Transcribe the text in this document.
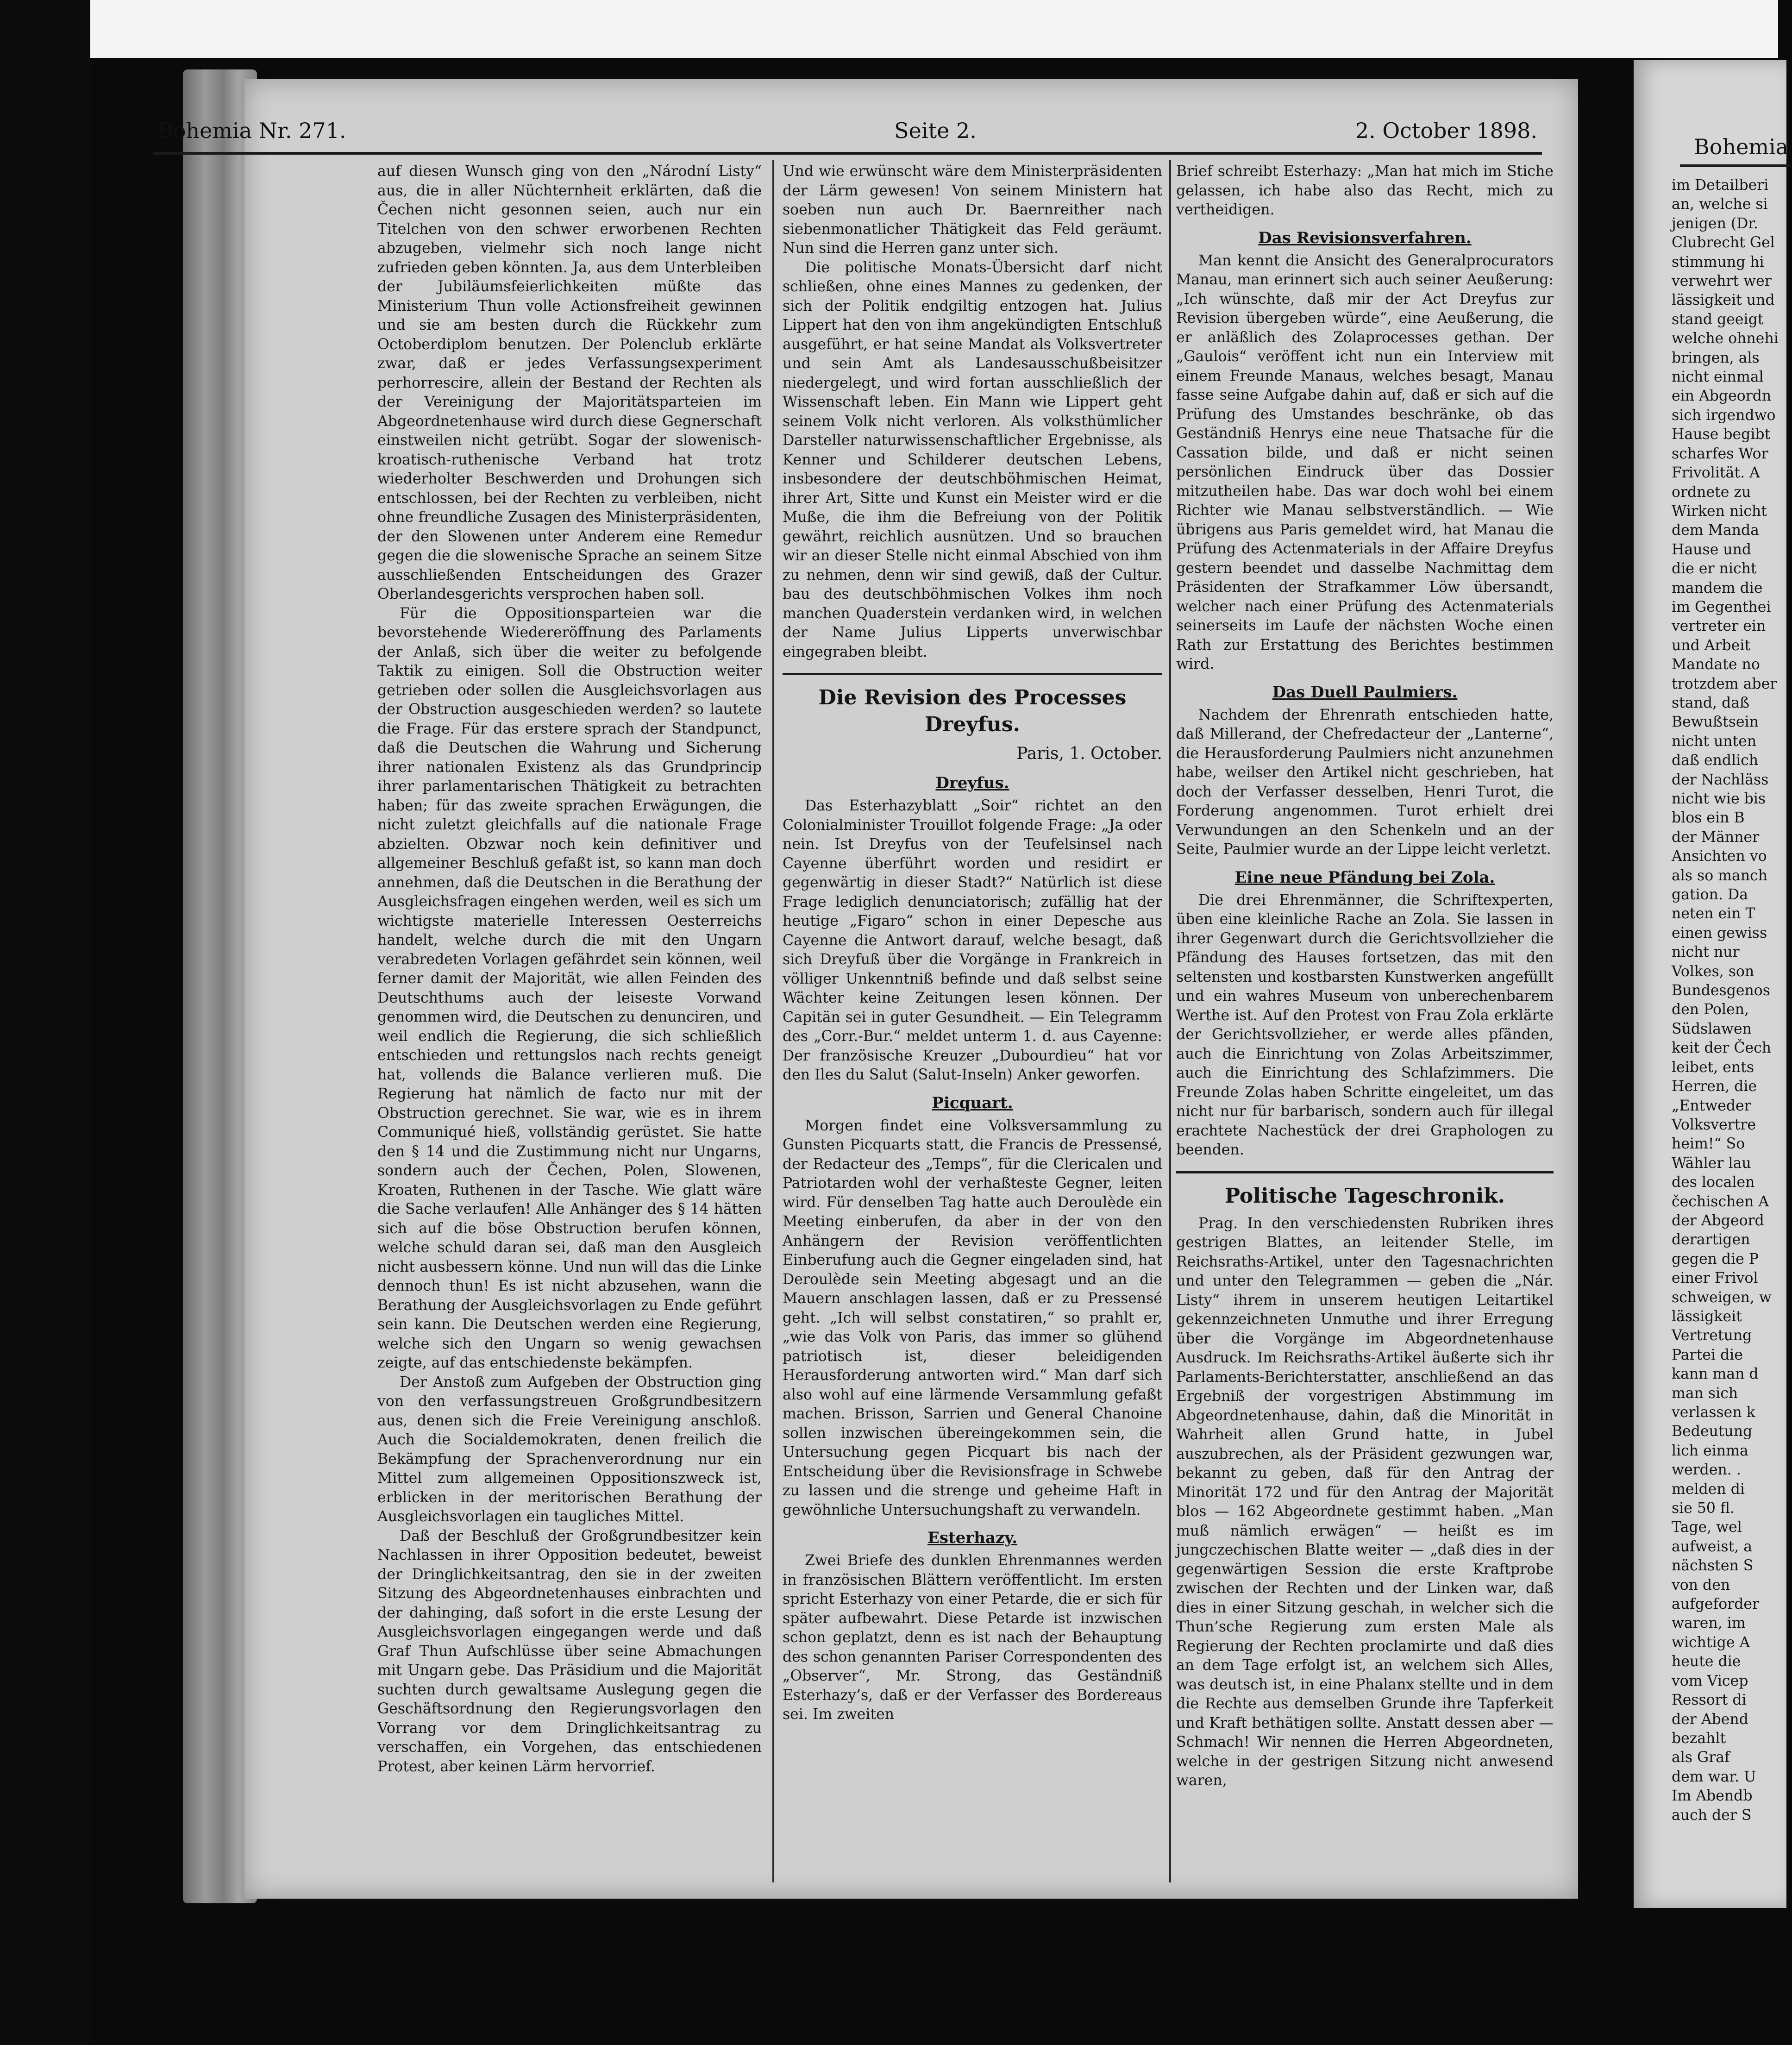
Bohemia Nr. 271.	Seite 2.	2. October 1898.

auf diesen Wunsch ging von den „Národní Listy“ aus, die in aller Nüchternheit erklärten, daß die Čechen nicht gesonnen seien, auch nur ein Titelchen von den schwer erworbenen Rechten abzugeben, vielmehr sich noch lange nicht zufrieden geben könnten. Ja, aus dem Unterbleiben der Jubiläumsfeierlichkeiten müßte das Ministerium Thun volle Actionsfreiheit gewinnen und sie am besten durch die Rückkehr zum Octoberdiplom benutzen. Der Polenclub erklärte zwar, daß er jedes Verfassungsexperiment perhorrescire, allein der Bestand der Rechten als der Vereinigung der Majoritätsparteien im Abgeordnetenhause wird durch diese Gegnerschaft einstweilen nicht getrübt. Sogar der slowenisch-kroatisch-ruthenische Verband hat trotz wiederholter Beschwerden und Drohungen sich entschlossen, bei der Rechten zu verbleiben, nicht ohne freundliche Zusagen des Ministerpräsidenten, der den Slowenen unter Anderem eine Remedur gegen die die slowenische Sprache an seinem Sitze ausschließenden Entscheidungen des Grazer Oberlandesgerichts versprochen haben soll.

Für die Oppositionsparteien war die bevorstehende Wiedereröffnung des Parlaments der Anlaß, sich über die weiter zu befolgende Taktik zu einigen. Soll die Obstruction weiter getrieben oder sollen die Ausgleichsvorlagen aus der Obstruction ausgeschieden werden? so lautete die Frage. Für das erstere sprach der Standpunct, daß die Deutschen die Wahrung und Sicherung ihrer nationalen Existenz als das Grundprincip ihrer parlamentarischen Thätigkeit zu betrachten haben; für das zweite sprachen Erwägungen, die nicht zuletzt gleichfalls auf die nationale Frage abzielten. Obzwar noch kein definitiver und allgemeiner Beschluß gefaßt ist, so kann man doch annehmen, daß die Deutschen in die Berathung der Ausgleichsfragen eingehen werden, weil es sich um wichtigste materielle Interessen Oesterreichs handelt, welche durch die mit den Ungarn verabredeten Vorlagen gefährdet sein können, weil ferner damit der Majorität, wie allen Feinden des Deutschthums auch der leiseste Vorwand genommen wird, die Deutschen zu denunciren, und weil endlich die Regierung, die sich schließlich entschieden und rettungslos nach rechts geneigt hat, vollends die Balance verlieren muß. Die Regierung hat nämlich de facto nur mit der Obstruction gerechnet. Sie war, wie es in ihrem Communiqué hieß, vollständig gerüstet. Sie hatte den § 14 und die Zustimmung nicht nur Ungarns, sondern auch der Čechen, Polen, Slowenen, Kroaten, Ruthenen in der Tasche. Wie glatt wäre die Sache verlaufen! Alle Anhänger des § 14 hätten sich auf die böse Obstruction berufen können, welche schuld daran sei, daß man den Ausgleich nicht ausbessern könne. Und nun will das die Linke dennoch thun! Es ist nicht abzusehen, wann die Berathung der Ausgleichsvorlagen zu Ende geführt sein kann. Die Deutschen werden eine Regierung, welche sich den Ungarn so wenig gewachsen zeigte, auf das entschiedenste bekämpfen.

Der Anstoß zum Aufgeben der Obstruction ging von den verfassungstreuen Großgrundbesitzern aus, denen sich die Freie Vereinigung anschloß. Auch die Socialdemokraten, denen freilich die Bekämpfung der Sprachenverordnung nur ein Mittel zum allgemeinen Oppositionszweck ist, erblicken in der meritorischen Berathung der Ausgleichsvorlagen ein taugliches Mittel.

Daß der Beschluß der Großgrundbesitzer kein Nachlassen in ihrer Opposition bedeutet, beweist der Dringlichkeitsantrag, den sie in der zweiten Sitzung des Abgeordnetenhauses einbrachten und der dahinging, daß sofort in die erste Lesung der Ausgleichsvorlagen eingegangen werde und daß Graf Thun Aufschlüsse über seine Abmachungen mit Ungarn gebe. Das Präsidium und die Majorität suchten durch gewaltsame Auslegung gegen die Geschäftsordnung den Regierungsvorlagen den Vorrang vor dem Dringlichkeitsantrag zu verschaffen, ein Vorgehen, das entschiedenen Protest, aber keinen Lärm hervorrief.

Und wie erwünscht wäre dem Ministerpräsidenten der Lärm gewesen! Von seinem Ministern hat soeben nun auch Dr. Baernreither nach siebenmonatlicher Thätigkeit das Feld geräumt. Nun sind die Herren ganz unter sich.

Die politische Monats-Übersicht darf nicht schließen, ohne eines Mannes zu gedenken, der sich der Politik endgiltig entzogen hat. Julius Lippert hat den von ihm angekündigten Entschluß ausgeführt, er hat seine Mandat als Volksvertreter und sein Amt als Landesausschußbeisitzer niedergelegt, und wird fortan ausschließlich der Wissenschaft leben. Ein Mann wie Lippert geht seinem Volk nicht verloren. Als volksthümlicher Darsteller naturwissenschaftlicher Ergebnisse, als Kenner und Schilderer deutschen Lebens, insbesondere der deutschböhmischen Heimat, ihrer Art, Sitte und Kunst ein Meister wird er die Muße, die ihm die Befreiung von der Politik gewährt, reichlich ausnützen. Und so brauchen wir an dieser Stelle nicht einmal Abschied von ihm zu nehmen, denn wir sind gewiß, daß der Cultur. bau des deutschböhmischen Volkes ihm noch manchen Quaderstein verdanken wird, in welchen der Name Julius Lipperts unverwischbar eingegraben bleibt.

Die Revision des Processes Dreyfus.
Paris, 1. October.
Dreyfus.

Das Esterhazyblatt „Soir“ richtet an den Colonialminister Trouillot folgende Frage: „Ja oder nein. Ist Dreyfus von der Teufelsinsel nach Cayenne überführt worden und residirt er gegenwärtig in dieser Stadt?“ Natürlich ist diese Frage lediglich denunciatorisch; zufällig hat der heutige „Figaro“ schon in einer Depesche aus Cayenne die Antwort darauf, welche besagt, daß sich Dreyfuß über die Vorgänge in Frankreich in völliger Unkenntniß befinde und daß selbst seine Wächter keine Zeitungen lesen können. Der Capitän sei in guter Gesundheit. — Ein Telegramm des „Corr.-Bur.“ meldet unterm 1. d. aus Cayenne: Der französische Kreuzer „Dubourdieu“ hat vor den Iles du Salut (Salut-Inseln) Anker geworfen.

Picquart.

Morgen findet eine Volksversammlung zu Gunsten Picquarts statt, die Francis de Pressensé, der Redacteur des „Temps“, für die Clericalen und Patriotarden wohl der verhaßteste Gegner, leiten wird. Für denselben Tag hatte auch Deroulède ein Meeting einberufen, da aber in der von den Anhängern der Revision veröffentlichten Einberufung auch die Gegner eingeladen sind, hat Deroulède sein Meeting abgesagt und an die Mauern anschlagen lassen, daß er zu Pressensé geht. „Ich will selbst constatiren,“ so prahlt er, „wie das Volk von Paris, das immer so glühend patriotisch ist, dieser beleidigenden Herausforderung antworten wird.“ Man darf sich also wohl auf eine lärmende Versammlung gefaßt machen. Brisson, Sarrien und General Chanoine sollen inzwischen übereingekommen sein, die Untersuchung gegen Picquart bis nach der Entscheidung über die Revisionsfrage in Schwebe zu lassen und die strenge und geheime Haft in gewöhnliche Untersuchungshaft zu verwandeln.

Esterhazy.

Zwei Briefe des dunklen Ehrenmannes werden in französischen Blättern veröffentlicht. Im ersten spricht Esterhazy von einer Petarde, die er sich für später aufbewahrt. Diese Petarde ist inzwischen schon geplatzt, denn es ist nach der Behauptung des schon genannten Pariser Correspondenten des „Observer“, Mr. Strong, das Geständniß Esterhazy’s, daß er der Verfasser des Bordereaus sei. Im zweiten

Brief schreibt Esterhazy: „Man hat mich im Stiche gelassen, ich habe also das Recht, mich zu vertheidigen.

Das Revisionsverfahren.

Man kennt die Ansicht des Generalprocurators Manau, man erinnert sich auch seiner Aeußerung: „Ich wünschte, daß mir der Act Dreyfus zur Revision übergeben würde“, eine Aeußerung, die er anläßlich des Zolaprocesses gethan. Der „Gaulois“ veröffent icht nun ein Interview mit einem Freunde Manaus, welches besagt, Manau fasse seine Aufgabe dahin auf, daß er sich auf die Prüfung des Umstandes beschränke, ob das Geständniß Henrys eine neue Thatsache für die Cassation bilde, und daß er nicht seinen persönlichen Eindruck über das Dossier mitzutheilen habe. Das war doch wohl bei einem Richter wie Manau selbstverständlich. — Wie übrigens aus Paris gemeldet wird, hat Manau die Prüfung des Actenmaterials in der Affaire Dreyfus gestern beendet und dasselbe Nachmittag dem Präsidenten der Strafkammer Löw übersandt, welcher nach einer Prüfung des Actenmaterials seinerseits im Laufe der nächsten Woche einen Rath zur Erstattung des Berichtes bestimmen wird.

Das Duell Paulmiers.

Nachdem der Ehrenrath entschieden hatte, daß Millerand, der Chefredacteur der „Lanterne“, die Herausforderung Paulmiers nicht anzunehmen habe, weilser den Artikel nicht geschrieben, hat doch der Verfasser desselben, Henri Turot, die Forderung angenommen. Turot erhielt drei Verwundungen an den Schenkeln und an der Seite, Paulmier wurde an der Lippe leicht verletzt.

Eine neue Pfändung bei Zola.

Die drei Ehrenmänner, die Schriftexperten, üben eine kleinliche Rache an Zola. Sie lassen in ihrer Gegenwart durch die Gerichtsvollzieher die Pfändung des Hauses fortsetzen, das mit den seltensten und kostbarsten Kunstwerken angefüllt und ein wahres Museum von unberechenbarem Werthe ist. Auf den Protest von Frau Zola erklärte der Gerichtsvollzieher, er werde alles pfänden, auch die Einrichtung von Zolas Arbeitszimmer, auch die Einrichtung des Schlafzimmers. Die Freunde Zolas haben Schritte eingeleitet, um das nicht nur für barbarisch, sondern auch für illegal erachtete Nachestück der drei Graphologen zu beenden.

Politische Tageschronik.

Prag. In den verschiedensten Rubriken ihres gestrigen Blattes, an leitender Stelle, im Reichsraths-Artikel, unter den Tagesnachrichten und unter den Telegrammen — geben die „Nár. Listy“ ihrem in unserem heutigen Leitartikel gekennzeichneten Unmuthe und ihrer Erregung über die Vorgänge im Abgeordnetenhause Ausdruck. Im Reichsraths-Artikel äußerte sich ihr Parlaments-Berichterstatter, anschließend an das Ergebniß der vorgestrigen Abstimmung im Abgeordnetenhause, dahin, daß die Minorität in Wahrheit allen Grund hatte, in Jubel auszubrechen, als der Präsident gezwungen war, bekannt zu geben, daß für den Antrag der Minorität 172 und für den Antrag der Majorität blos — 162 Abgeordnete gestimmt haben. „Man muß nämlich erwägen“ — heißt es im jungczechischen Blatte weiter — „daß dies in der gegenwärtigen Session die erste Kraftprobe zwischen der Rechten und der Linken war, daß dies in einer Sitzung geschah, in welcher sich die Thun’sche Regierung zum ersten Male als Regierung der Rechten proclamirte und daß dies an dem Tage erfolgt ist, an welchem sich Alles, was deutsch ist, in eine Phalanx stellte und in dem die Rechte aus demselben Grunde ihre Tapferkeit und Kraft bethätigen sollte. Anstatt dessen aber — Schmach! Wir nennen die Herren Abgeordneten, welche in der gestrigen Sitzung nicht anwesend waren,

Bohemia
im Detailberi
an, welche si
jenigen (Dr.
Clubrecht Gel
stimmung hi
verwehrt wer
lässigkeit und
stand geeigt
welche ohnehi
bringen, als
nicht einmal
ein Abgeordn
sich irgendwo
Hause begibt
scharfes Wor
Frivolität. A
ordnete zu
Wirken nicht
dem Manda
Hause und
die er nicht
mandem die
im Gegenthei
vertreter ein
und Arbeit
Mandate no
trotzdem aber
stand, daß
Bewußtsein
nicht unten
daß endlich
der Nachläss
nicht wie bis
blos ein B
der Männer
Ansichten vo
als so manch
gation. Da
neten ein T
einen gewiss
nicht nur
Volkes, son
Bundesgenos
den Polen,
Südslawen
keit der Čech
leibet, ents
Herren, die
„Entweder
Volksvertre
heim!“ So
Wähler lau
des localen
čechischen A
der Abgeord
derartigen
gegen die P
einer Frivol
schweigen, w
lässigkeit
Vertretung
Partei die
kann man d
man sich
verlassen k
Bedeutung
lich einma
werden. .
melden di
sie 50 fl.
Tage, wel
aufweist, a
nächsten S
von den
aufgeforder
waren, im
wichtige A
heute die
vom Vicep
Ressort di
der Abend
bezahlt
als Graf
dem war. U
Im Abendb
auch der S
